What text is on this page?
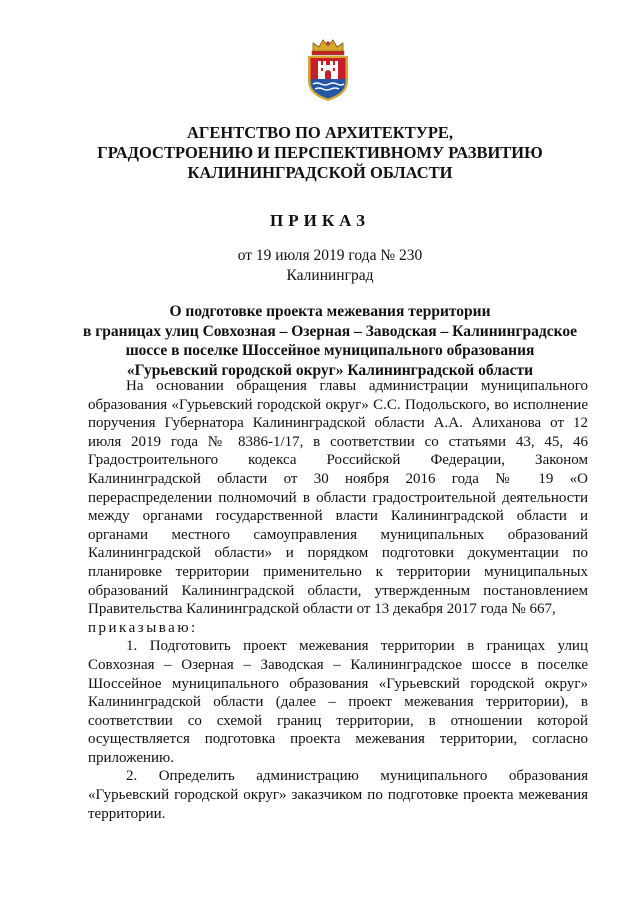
АГЕНТСТВО ПО АРХИТЕКТУРЕ,
ГРАДОСТРОЕНИЮ И ПЕРСПЕКТИВНОМУ РАЗВИТИЮ
КАЛИНИНГРАДСКОЙ ОБЛАСТИ
ПРИКАЗ
от 19 июля 2019 года № 230
Калининград
О подготовке проекта межевания территории
в границах улиц Совхозная – Озерная – Заводская – Калининградское
шоссе в поселке Шоссейное муниципального образования
«Гурьевский городской округ» Калининградской области

На основании обращения главы администрации муниципального образования «Гурьевский городской округ» С.С. Подольского, во исполнение поручения Губернатора Калининградской области А.А. Алиханова от 12 июля 2019 года № 8386-1/17, в соответствии со статьями 43, 45, 46 Градостроительного кодекса Российской Федерации, Законом Калининградской области от 30 ноября 2016 года № 19 «О перераспределении полномочий в области градостроительной деятельности между органами государственной власти Калининградской области и органами местного самоуправления муниципальных образований Калининградской области» и порядком подготовки документации по планировке территории применительно к территории муниципальных образований Калининградской области, утвержденным постановлением Правительства Калининградской области от 13 декабря 2017 года № 667,

приказываю:

1. Подготовить проект межевания территории в границах улиц Совхозная – Озерная – Заводская – Калининградское шоссе в поселке Шоссейное муниципального образования «Гурьевский городской округ» Калининградской области (далее – проект межевания территории), в соответствии со схемой границ территории, в отношении которой осуществляется подготовка проекта межевания территории, согласно приложению.

2. Определить администрацию муниципального образования «Гурьевский городской округ» заказчиком по подготовке проекта межевания территории.
